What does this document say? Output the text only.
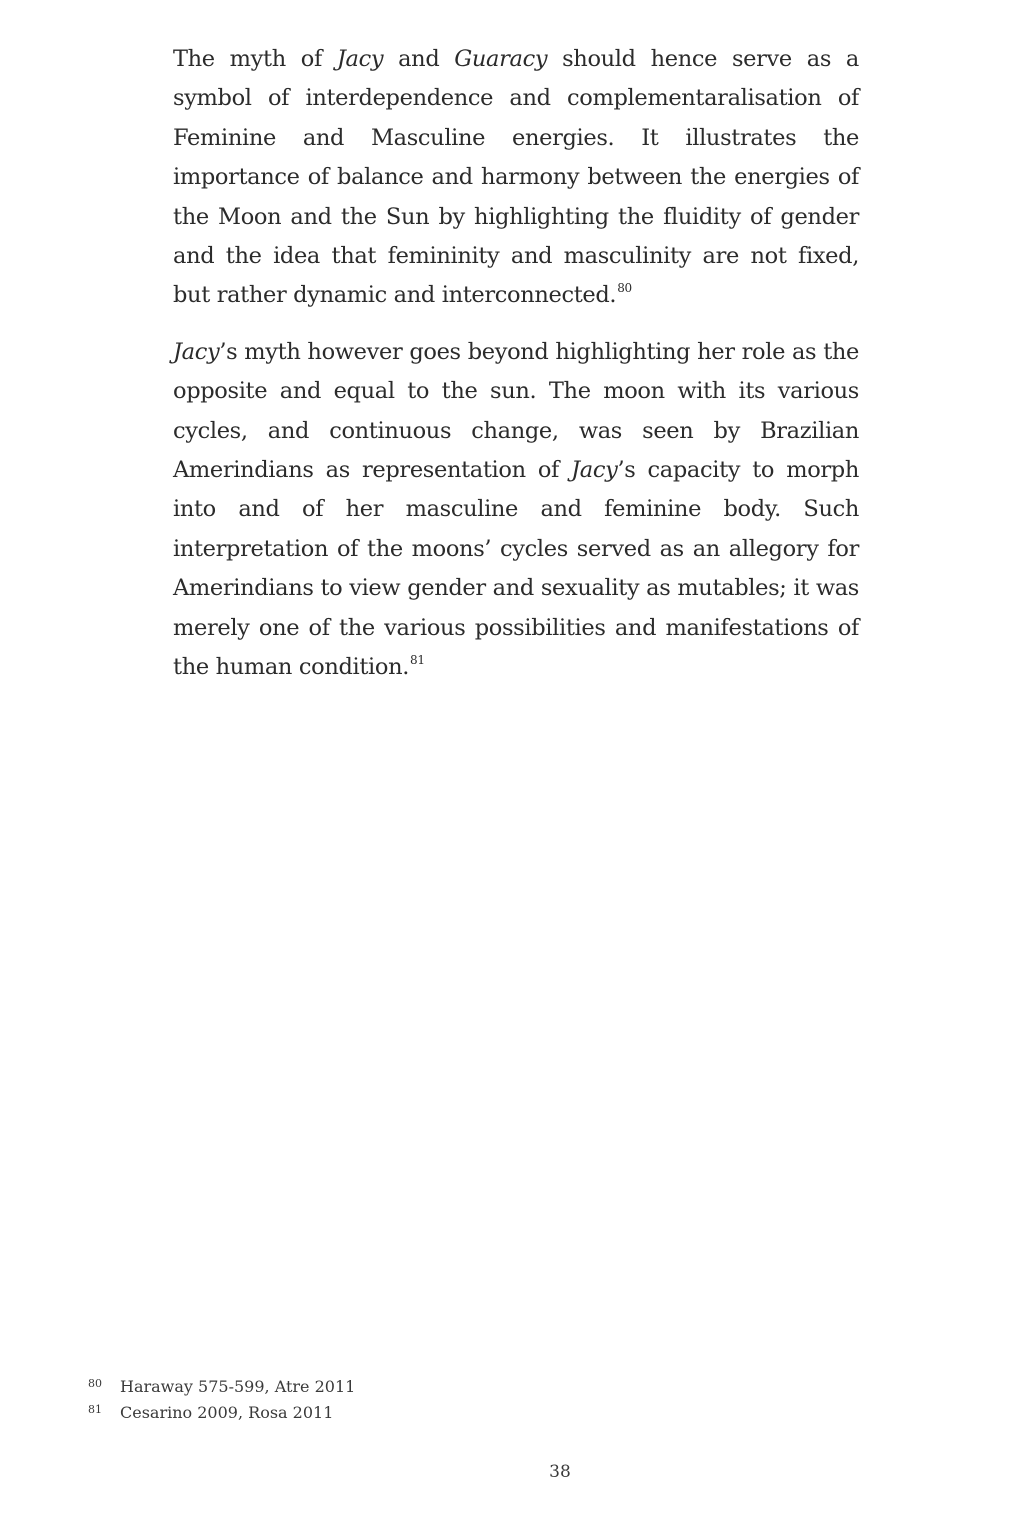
The myth of Jacy and Guaracy should hence serve as a symbol of interdependence and complementaralisation of Feminine and Masculine energies. It illustrates the importance of balance and harmony between the energies of the Moon and the Sun by highlighting the fluidity of gender and the idea that femininity and masculinity are not fixed, but rather dynamic and interconnected.$^{80}$

Jacy’s myth however goes beyond highlighting her role as the opposite and equal to the sun. The moon with its various cycles, and continuous change, was seen by Brazilian Amerindians as representation of Jacy’s capacity to morph into and of her masculine and feminine body. Such interpretation of the moons’ cycles served as an allegory for Amerindians to view gender and sexuality as mutables; it was merely one of the various possibilities and manifestations of the human condition.$^{81}$

80	Haraway 575-599, Atre 2011
81	Cesarino 2009, Rosa 2011
38
